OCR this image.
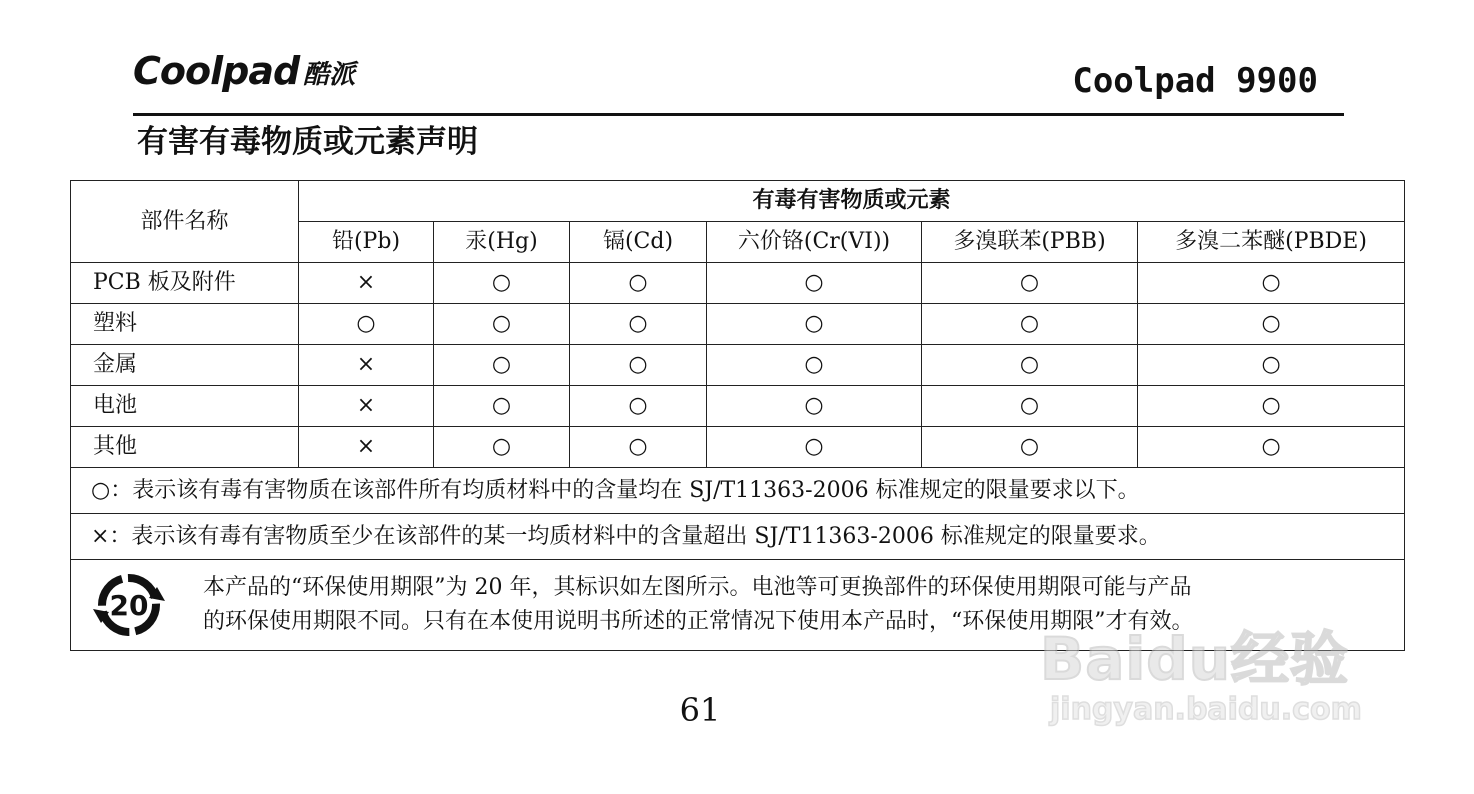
Coolpad 酷派	Coolpad 9900
有害有毒物质或元素声明
部件名称	有毒有害物质或元素					
	铅(Pb)	汞(Hg)	镉(Cd)	六价铬(Cr(VI))	多溴联苯(PBB)	多溴二苯醚(PBDE)
PCB 板及附件	×	○	○	○	○	○
塑料	○	○	○	○	○	○
金属	×	○	○	○	○	○
电池	×	○	○	○	○	○
其他	×	○	○	○	○	○
○：表示该有毒有害物质在该部件所有均质材料中的含量均在 SJ/T11363-2006 标准规定的限量要求以下。						
×：表示该有毒有害物质至少在该部件的某一均质材料中的含量超出 SJ/T11363-2006 标准规定的限量要求。						

20
本产品的“环保使用期限”为 20 年，其标识如左图所示。电池等可更换部件的环保使用期限可能与产品
的环保使用期限不同。只有在本使用说明书所述的正常情况下使用本产品时，“环保使用期限”才有效。						
Baidu经验
jingyan.baidu.com
61
